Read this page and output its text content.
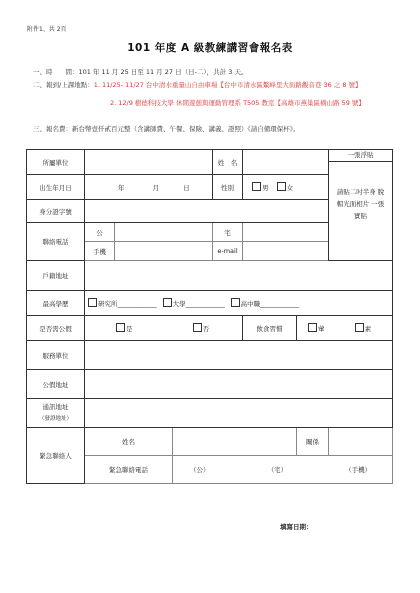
附件1、共 2頁
101 年度 A 級教練講習會報名表
一、時　　間：101 年 11 月 25 日至 11 月 27 日（日-二），共計 3 天。
二、報到/上課地點：1. 11/25- 11/27 台中清水重量山自由車場【台中市清水區鰲峰里大街路觀音巷 36 之 8 號】
2. 12/9 樹德科技大學 休閒遊憩與運動管理系 T505 教室【高雄市燕巢區橫山路 59 號】
三、報名費：新台幣壹仟貳百元整（含講師費、午餐、保險、講義、證照）《請自備環保杯》。
所屬單位				姓　名			一張浮貼
請貼二吋半身 脫帽光面相片 一張實貼

出生年月日	年 月 日			性別	男 女		
身分證字號							
聯絡電話	公			宅			
	手機			e-mail			
戶籍地址							
最高學歷	研究所____________ 大學____________ 高中職____________						
是否需公假	是 否				飲食習慣	葷 素	
服務單位							
公假地址							

通訊地址
（發證地址）							

緊急聯絡人	姓名					關係	
	緊急聯絡電話		（公） （宅） （手機）				
填寫日期：
